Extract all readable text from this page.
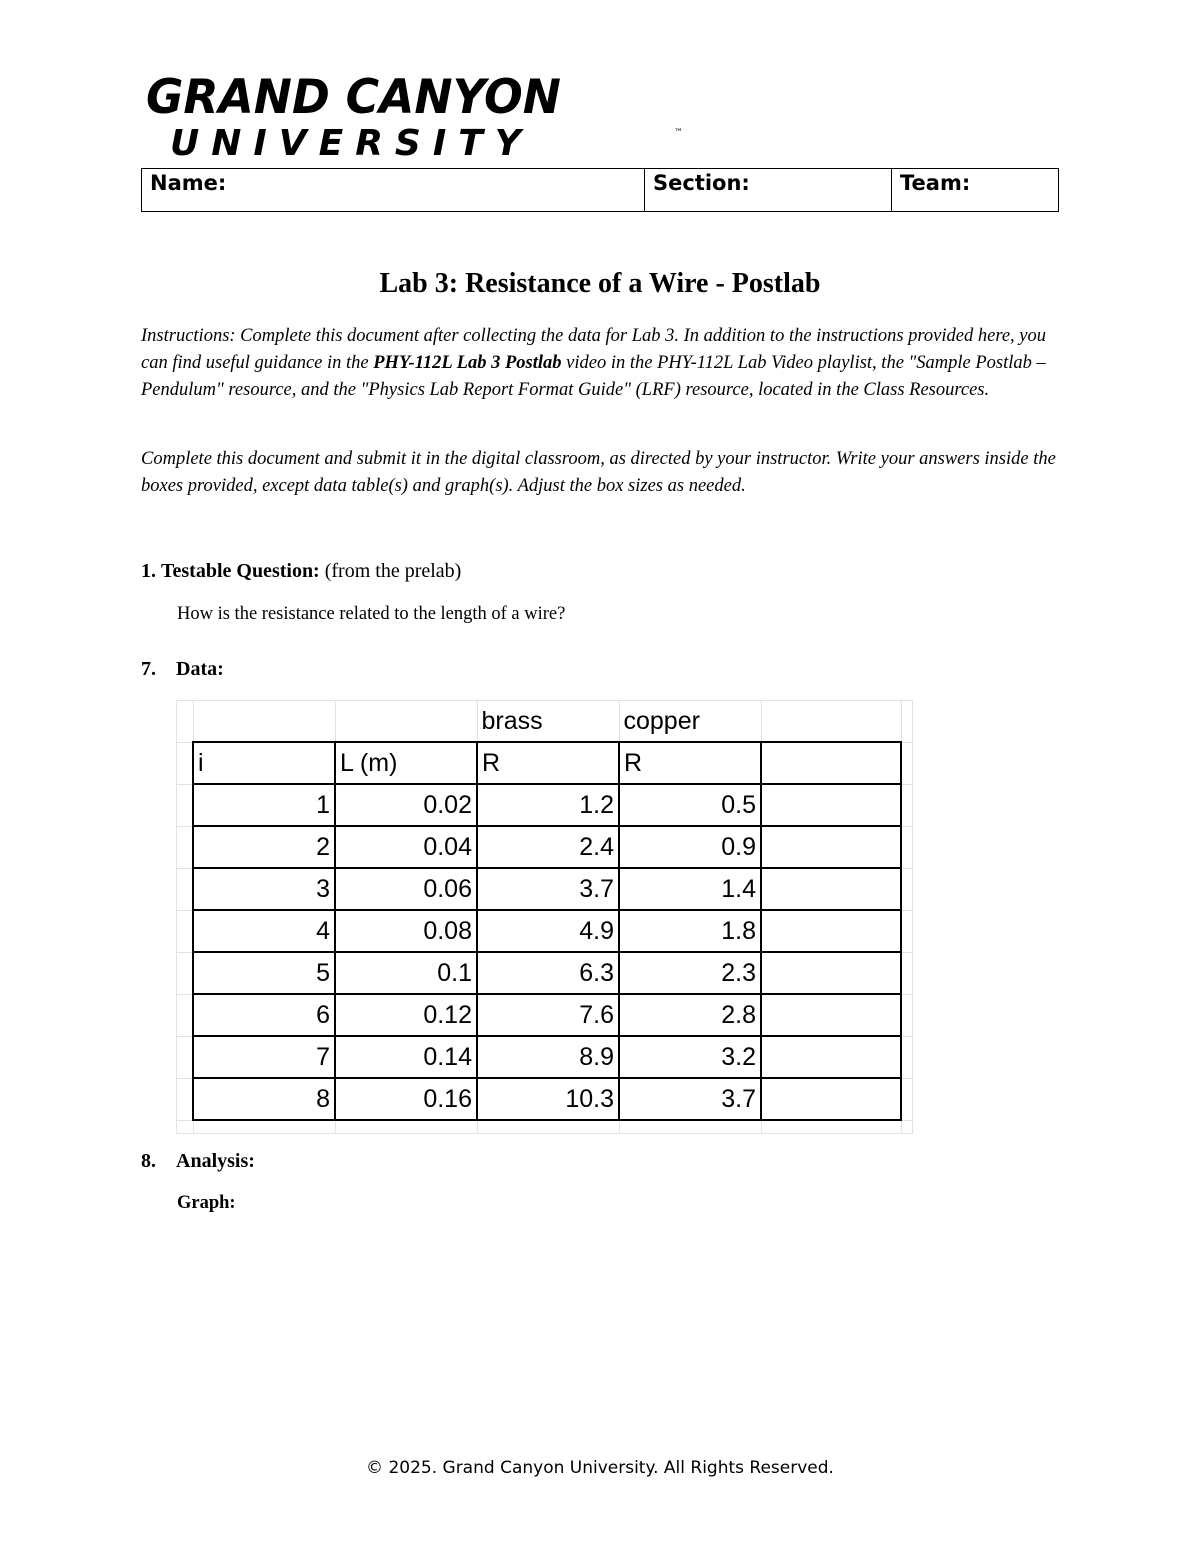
GRAND CANYON
UNIVERSITY	™
Name:	Section:	Team:
Lab 3: Resistance of a Wire - Postlab
Instructions: Complete this document after collecting the data for Lab 3. In addition to the instructions provided here, you can find useful guidance in the PHY-112L Lab 3 Postlab video in the PHY-112L Lab Video playlist, the "Sample Postlab – Pendulum" resource, and the "Physics Lab Report Format Guide" (LRF) resource, located in the Class Resources.
Complete this document and submit it in the digital classroom, as directed by your instructor. Write your answers inside the boxes provided, except data table(s) and graph(s). Adjust the box sizes as needed.
1. Testable Question: (from the prelab)
How is the resistance related to the length of a wire?
7. Data:
			brass	copper		
	i	L (m)	R	R		
	1	0.02	1.2	0.5		
	2	0.04	2.4	0.9		
	3	0.06	3.7	1.4		
	4	0.08	4.9	1.8		
	5	0.1	6.3	2.3		
	6	0.12	7.6	2.8		
	7	0.14	8.9	3.2		
	8	0.16	10.3	3.7		

8. Analysis:
Graph:
© 2025. Grand Canyon University. All Rights Reserved.
